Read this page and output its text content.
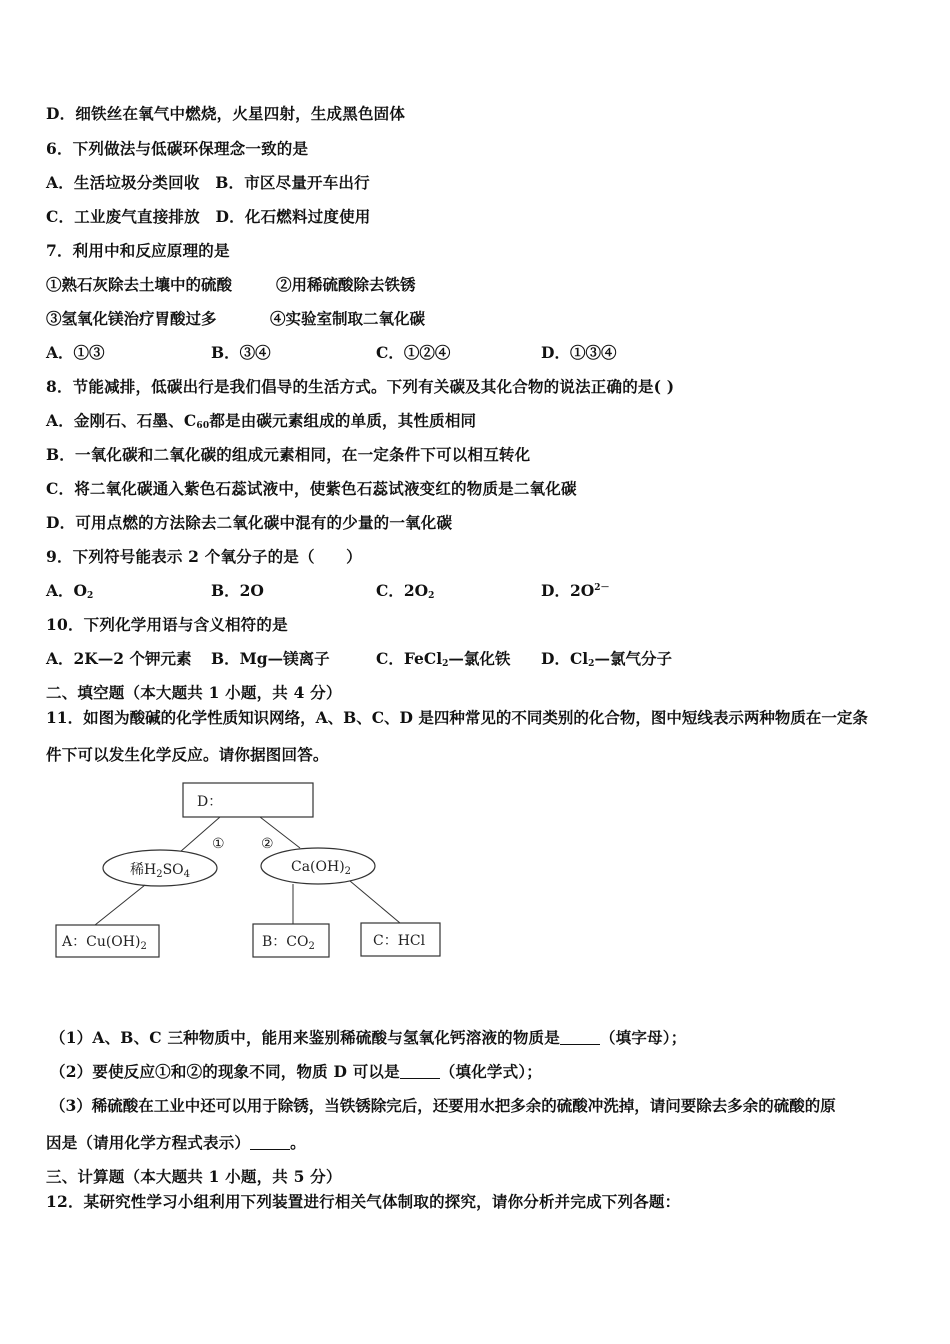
D．细铁丝在氧气中燃烧，火星四射，生成黑色固体
6．下列做法与低碳环保理念一致的是
A．生活垃圾分类回收　B．市区尽量开车出行
C．工业废气直接排放　D．化石燃料过度使用
7．利用中和反应原理的是
①熟石灰除去土壤中的硫酸	②用稀硫酸除去铁锈
③氢氧化镁治疗胃酸过多	④实验室制取二氧化碳
A．①③	B．③④	C．①②④	D．①③④
8．节能减排，低碳出行是我们倡导的生活方式。下列有关碳及其化合物的说法正确的是( )
A．金刚石、石墨、$C_{60}$都是由碳元素组成的单质，其性质相同
B．一氧化碳和二氧化碳的组成元素相同，在一定条件下可以相互转化
C．将二氧化碳通入紫色石蕊试液中，使紫色石蕊试液变红的物质是二氧化碳
D．可用点燃的方法除去二氧化碳中混有的少量的一氧化碳
9．下列符号能表示 2 个氧分子的是（　　）
A．$O_2$	B．2O	C．$2O_2$	D．$2O^{2-}$
10．下列化学用语与含义相符的是
A．2K—2 个钾元素 B．Mg—镁离子	C．FeCl$_2$—氯化铁 D．$Cl_2—$氯气分子
二、填空题（本大题共 1 小题，共 4 分）
11．如图为酸碱的化学性质知识网络，A、B、C、D 是四种常见的不同类别的化合物，图中短线表示两种物质在一定条
件下可以发生化学反应。请你据图回答。
D：
①	②
稀$H_2SO_4$	$Ca(OH)_2$
A：$Cu(OH)_2$	B：$CO_2$	C：HCl
（1）A、B、C 三种物质中，能用来鉴别稀硫酸与氢氧化钙溶液的物质是	（填字母）；
（2）要使反应①和②的现象不同，物质 D 可以是	（填化学式）；
（3）稀硫酸在工业中还可以用于除锈，当铁锈除完后，还要用水把多余的硫酸冲洗掉，请问要除去多余的硫酸的原
因是（请用化学方程式表示）	。
三、计算题（本大题共 1 小题，共 5 分）
12．某研究性学习小组利用下列装置进行相关气体制取的探究，请你分析并完成下列各题：
